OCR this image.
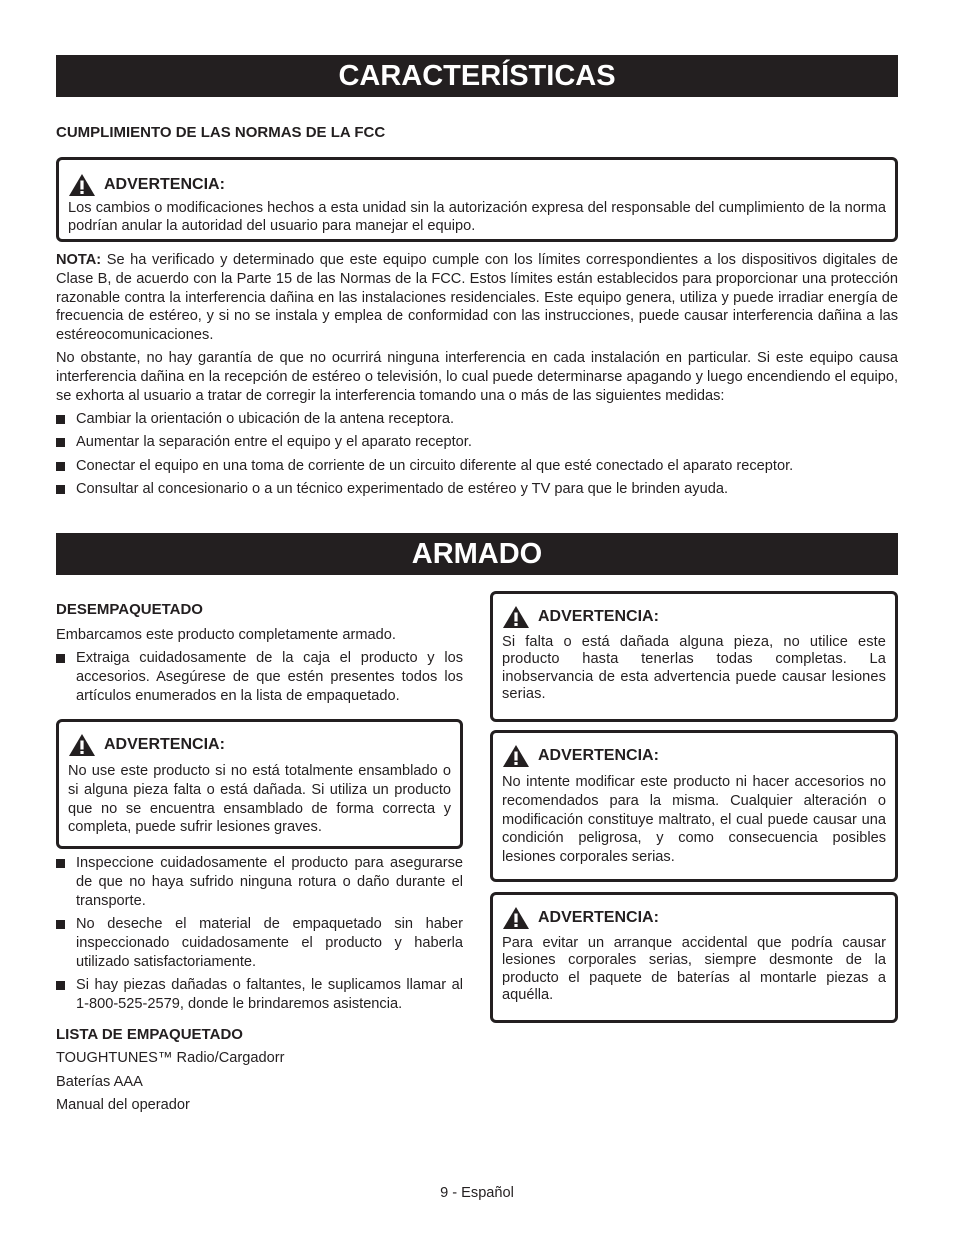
CARACTERÍSTICAS
CUMPLIMIENTO DE LAS NORMAS DE LA FCC
ADVERTENCIA:
Los cambios o modificaciones hechos a esta unidad sin la autorización expresa del responsable del cumplimiento de la norma podrían anular la autoridad del usuario para manejar el equipo.
NOTA: Se ha verificado y determinado que este equipo cumple con los límites correspondientes a los dispositivos digitales de Clase B, de acuerdo con la Parte 15 de las Normas de la FCC. Estos límites están establecidos para proporcionar una protección razonable contra la interferencia dañina en las instalaciones residenciales. Este equipo genera, utiliza y puede irradiar energía de frecuencia de estéreo, y si no se instala y emplea de conformidad con las instrucciones, puede causar interferencia dañina a las estéreocomunicaciones.
No obstante, no hay garantía de que no ocurrirá ninguna interferencia en cada instalación en particular. Si este equipo causa interferencia dañina en la recepción de estéreo o televisión, lo cual puede determinarse apagando y luego encendiendo el equipo, se exhorta al usuario a tratar de corregir la interferencia tomando una o más de las siguientes medidas:
Cambiar la orientación o ubicación de la antena receptora.
Aumentar la separación entre el equipo y el aparato receptor.
Conectar el equipo en una toma de corriente de un circuito diferente al que esté conectado el aparato receptor.
Consultar al concesionario o a un técnico experimentado de estéreo y TV para que le brinden ayuda.
ARMADO
DESEMPAQUETADO
Embarcamos este producto completamente armado.
Extraiga cuidadosamente de la caja el producto y los accesorios. Asegúrese de que estén presentes todos los artículos enumerados en la lista de empaquetado.
ADVERTENCIA:
No use este producto si no está totalmente ensamblado o si alguna pieza falta o está dañada. Si utiliza un producto que no se encuentra ensamblado de forma correcta y completa, puede sufrir lesiones graves.
Inspeccione cuidadosamente el producto para asegurarse de que no haya sufrido ninguna rotura o daño durante el transporte.
No deseche el material de empaquetado sin haber inspeccionado cuidadosamente el producto y haberla utilizado satisfactoriamente.
Si hay piezas dañadas o faltantes, le suplicamos llamar al 1-800-525-2579, donde le brindaremos asistencia.
LISTA DE EMPAQUETADO
TOUGHTUNES™ Radio/Cargadorr
Baterías AAA
Manual del operador
ADVERTENCIA:
Si falta o está dañada alguna pieza, no utilice este producto hasta tenerlas todas completas. La inobservancia de esta advertencia puede causar lesiones serias.
ADVERTENCIA:
No intente modificar este producto ni hacer accesorios no recomendados para la misma. Cualquier alteración o modificación constituye maltrato, el cual puede causar una condición peligrosa, y como consecuencia posibles lesiones corporales serias.
ADVERTENCIA:
Para evitar un arranque accidental que podría causar lesiones corporales serias, siempre desmonte de la producto el paquete de baterías al montarle piezas a aquélla.
9 - Español
